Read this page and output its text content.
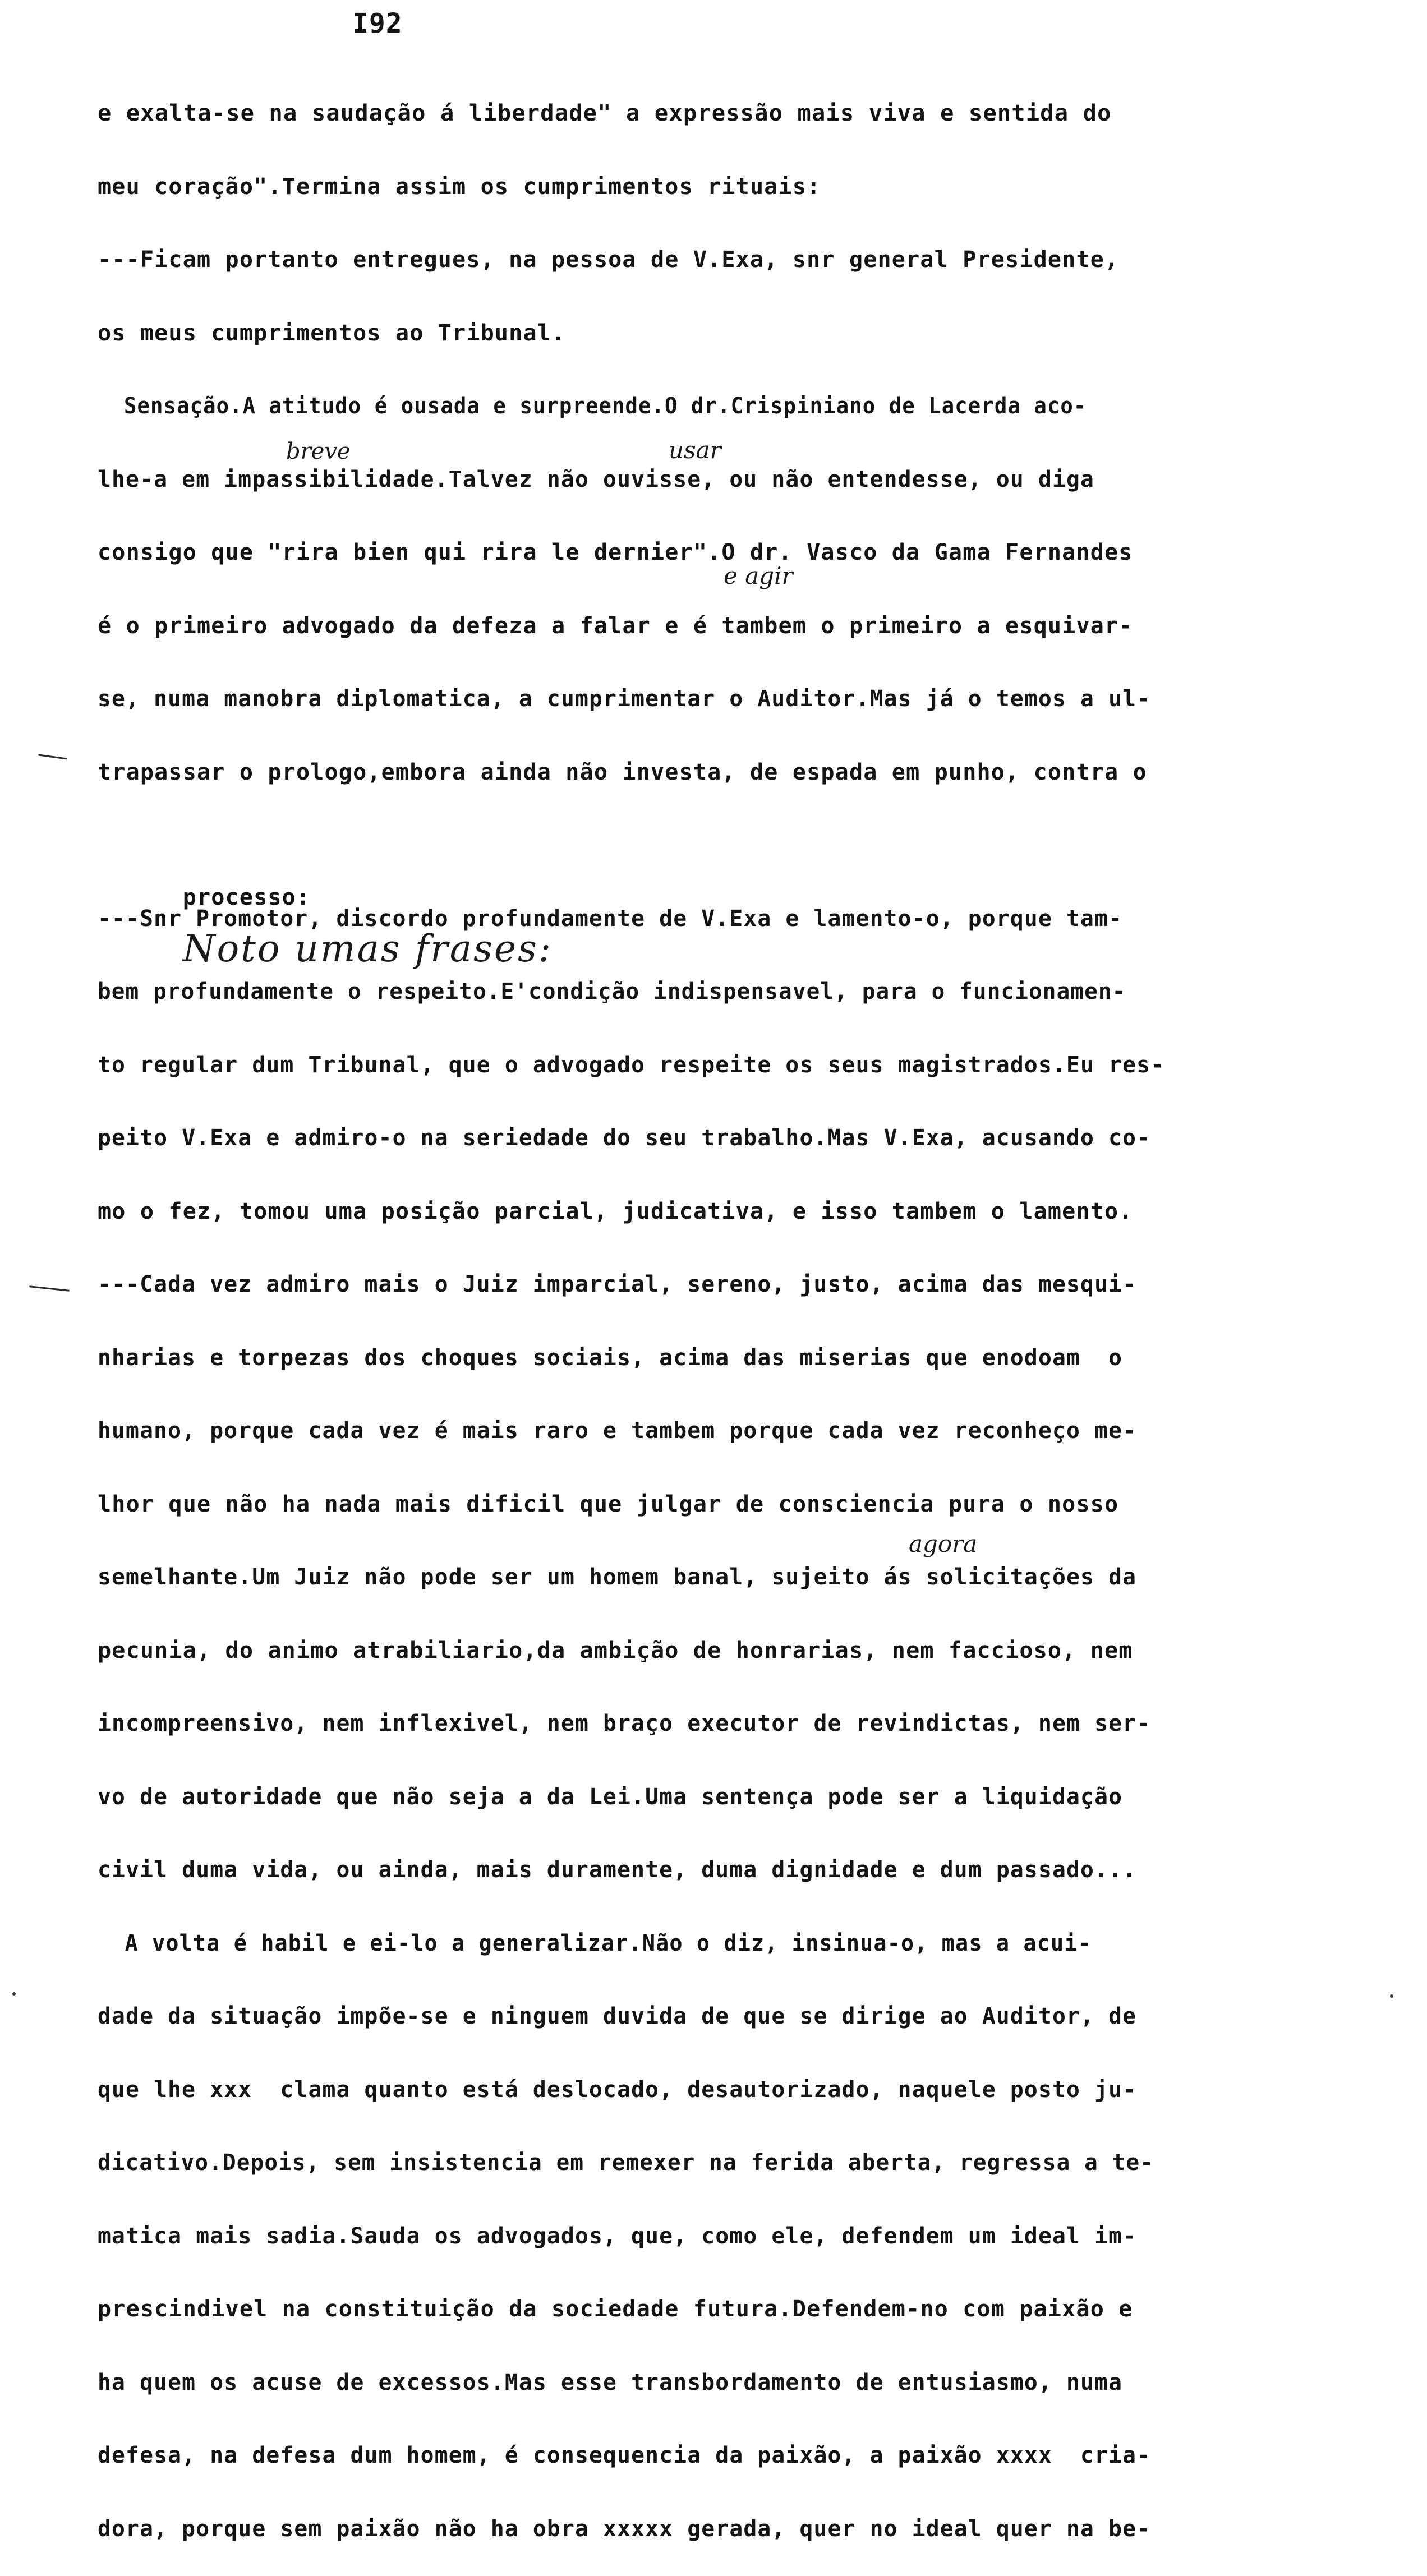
I92

e exalta-se na saudação á liberdade" a expressão mais viva e sentida do

meu coração".Termina assim os cumprimentos rituais:

---Ficam portanto entregues, na pessoa de V.Exa, snr general Presidente,

os meus cumprimentos ao Tribunal.

Sensação.A atitudo é ousada e surpreende.O dr.Crispiniano de Lacerda aco-

lhe-a em impassibilidade.Talvez não ouvisse, ou não entendesse, ou diga

consigo que "rira bien qui rira le dernier".O dr. Vasco da Gama Fernandes

é o primeiro advogado da defeza a falar e é tambem o primeiro a esquivar-

se, numa manobra diplomatica, a cumprimentar o Auditor.Mas já o temos a ul-

trapassar o prologo,embora ainda não investa, de espada em punho, contra o

processo:
Noto umas frases:

---Snr Promotor, discordo profundamente de V.Exa e lamento-o, porque tam-

bem profundamente o respeito.E'condição indispensavel, para o funcionamen-

to regular dum Tribunal, que o advogado respeite os seus magistrados.Eu res-

peito V.Exa e admiro-o na seriedade do seu trabalho.Mas V.Exa, acusando co-

mo o fez, tomou uma posição parcial, judicativa, e isso tambem o lamento.

---Cada vez admiro mais o Juiz imparcial, sereno, justo, acima das mesqui-

nharias e torpezas dos choques sociais, acima das miserias que enodoam  o

humano, porque cada vez é mais raro e tambem porque cada vez reconheço me-

lhor que não ha nada mais dificil que julgar de consciencia pura o nosso

semelhante.Um Juiz não pode ser um homem banal, sujeito ás solicitações da

pecunia, do animo atrabiliario,da ambição de honrarias, nem faccioso, nem

incompreensivo, nem inflexivel, nem braço executor de revindictas, nem ser-

vo de autoridade que não seja a da Lei.Uma sentença pode ser a liquidação

civil duma vida, ou ainda, mais duramente, duma dignidade e dum passado...

A volta é habil e ei-lo a generalizar.Não o diz, insinua-o, mas a acui-

dade da situação impõe-se e ninguem duvida de que se dirige ao Auditor, de

que lhe xxx  clama quanto está deslocado, desautorizado, naquele posto ju-

dicativo.Depois, sem insistencia em remexer na ferida aberta, regressa a te-

matica mais sadia.Sauda os advogados, que, como ele, defendem um ideal im-

prescindivel na constituição da sociedade futura.Defendem-no com paixão e

ha quem os acuse de excessos.Mas esse transbordamento de entusiasmo, numa

defesa, na defesa dum homem, é consequencia da paixão, a paixão xxxx  cria-

dora, porque sem paixão não ha obra xxxxx gerada, quer no ideal quer na be-

breve	usar
e agir
agora
